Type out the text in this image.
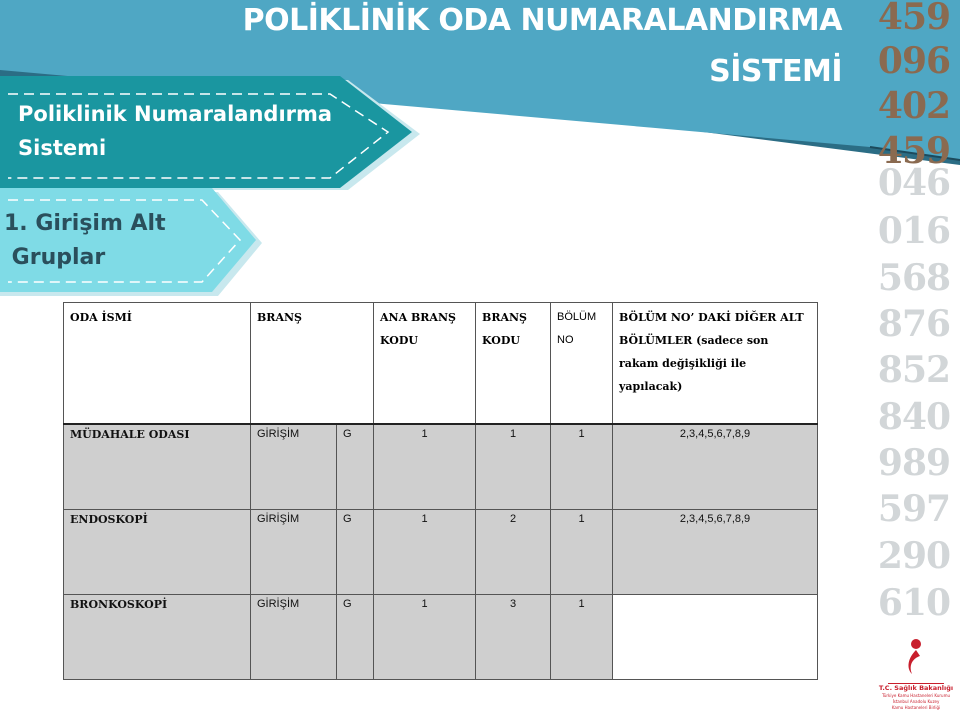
POLİKLİNİK ODA NUMARALANDIRMA
SİSTEMİ
459
096
402
459
046
016
568
876
852
840
989
597
290
610
Poliklinik Numaralandırma
Sistemi
1. Girişim Alt
Gruplar
ODA İSMİ	BRANŞ		ANA BRANŞ KODU	BRANŞ KODU	BÖLÜM NO	BÖLÜM NO’ DAKİ DİĞER ALT BÖLÜMLER (sadece son rakam değişikliği ile yapılacak)
MÜDAHALE ODASI	GİRİŞİM	G	1	1	1	2,3,4,5,6,7,8,9
ENDOSKOPİ	GİRİŞİM	G	1	2	1	2,3,4,5,6,7,8,9
BRONKOSKOPİ	GİRİŞİM	G	1	3	1	
T.C. Sağlık Bakanlığı
Türkiye Kamu Hastaneleri Kurumu
İstanbul Anadolu Kuzey
Kamu Hastaneleri Birliği
